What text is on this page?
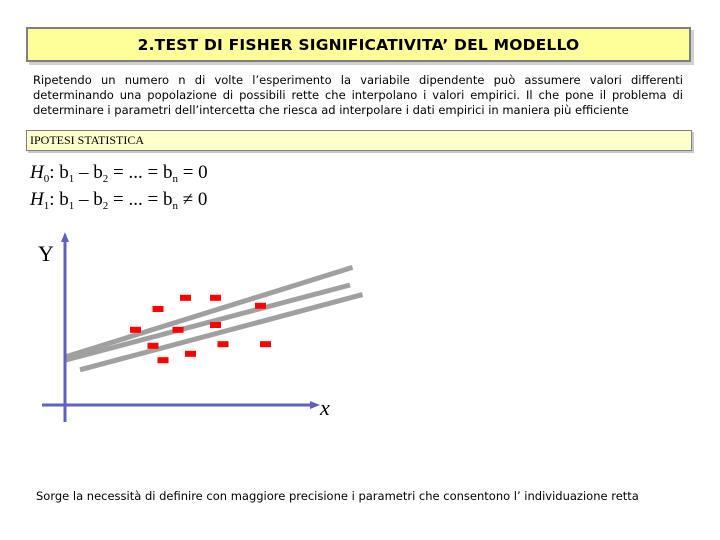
2.TEST DI FISHER SIGNIFICATIVITA’ DEL MODELLO
Ripetendo un numero n di volte l’esperimento la variabile dipendente può assumere valori differenti determinando una popolazione di possibili rette che interpolano i valori empirici. Il che pone il problema di determinare i parametri dell’intercetta che riesca ad interpolare i dati empirici in maniera più efficiente
IPOTESI STATISTICA
$H_0$: $b_1 - b_2$ = ... = $b_n = 0$
$H_1$: $b_1 - b_2$ = ... = $b_n \ne 0$
Y
x
Sorge la necessità di definire con maggiore precisione i parametri che consentono l’ individuazione retta
